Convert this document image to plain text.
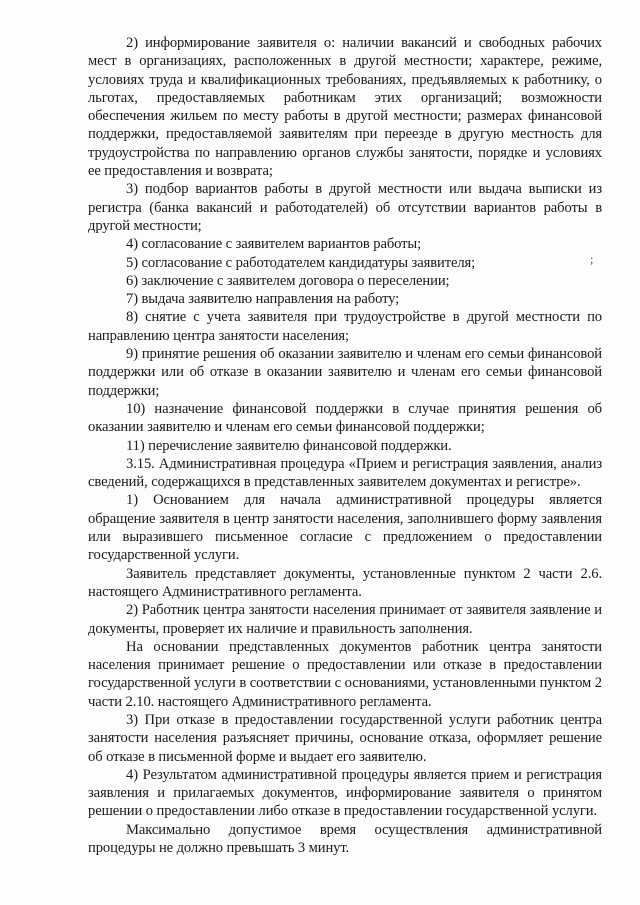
2) информирование заявителя о: наличии вакансий и свободных рабочих мест в организациях, расположенных в другой местности; характере, режиме, условиях труда и квалификационных требованиях, предъявляемых к работнику, о льготах, предоставляемых работникам этих организаций; возможности обеспечения жильем по месту работы в другой местности; размерах финансовой поддержки, предоставляемой заявителям при переезде в другую местность для трудоустройства по направлению органов службы занятости, порядке и условиях ее предоставления и возврата;

3) подбор вариантов работы в другой местности или выдача выписки из регистра (банка вакансий и работодателей) об отсутствии вариантов работы в другой местности;

4) согласование с заявителем вариантов работы;

5) согласование с работодателем кандидатуры заявителя;

6) заключение с заявителем договора о переселении;

7) выдача заявителю направления на работу;

8) снятие с учета заявителя при трудоустройстве в другой местности по направлению центра занятости населения;

9) принятие решения об оказании заявителю и членам его семьи финансовой поддержки или об отказе в оказании заявителю и членам его семьи финансовой поддержки;

10) назначение финансовой поддержки в случае принятия решения об оказании заявителю и членам его семьи финансовой поддержки;

11) перечисление заявителю финансовой поддержки.

3.15. Административная процедура «Прием и регистрация заявления, анализ сведений, содержащихся в представленных заявителем документах и регистре».

1) Основанием для начала административной процедуры является обращение заявителя в центр занятости населения, заполнившего форму заявления или выразившего письменное согласие с предложением о предоставлении государственной услуги.

Заявитель представляет документы, установленные пунктом 2 части 2.6. настоящего Административного регламента.

2) Работник центра занятости населения принимает от заявителя заявление и документы, проверяет их наличие и правильность заполнения.

На основании представленных документов работник центра занятости населения принимает решение о предоставлении или отказе в предоставлении государственной услуги в соответствии с основаниями, установленными пунктом 2 части 2.10. настоящего Административного регламента.

3) При отказе в предоставлении государственной услуги работник центра занятости населения разъясняет причины, основание отказа, оформляет решение об отказе в письменной форме и выдает его заявителю.

4) Результатом административной процедуры является прием и регистрация заявления и прилагаемых документов, информирование заявителя о принятом решении о предоставлении либо отказе в предоставлении государственной услуги.

Максимально допустимое время осуществления административной процедуры не должно превышать 3 минут.

;
